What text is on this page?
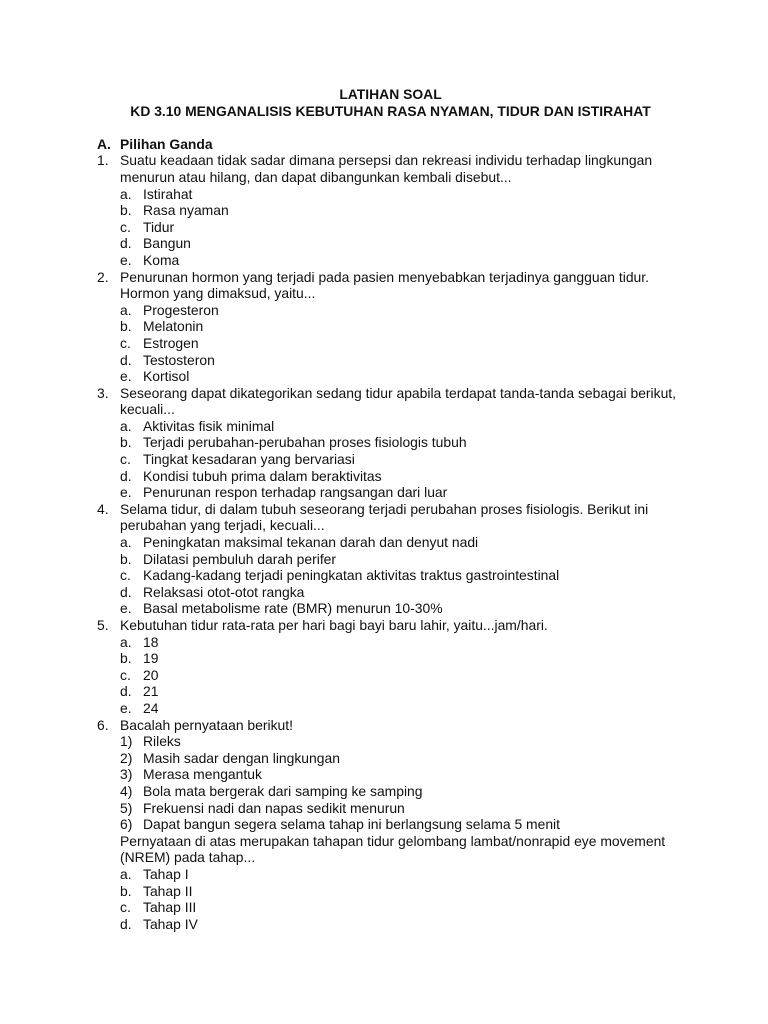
LATIHAN SOAL
KD 3.10 MENGANALISIS KEBUTUHAN RASA NYAMAN, TIDUR DAN ISTIRAHAT
A. Pilihan Ganda
1. Suatu keadaan tidak sadar dimana persepsi dan rekreasi individu terhadap lingkungan menurun atau hilang, dan dapat dibangunkan kembali disebut...
a. Istirahat
b. Rasa nyaman
c. Tidur
d. Bangun
e. Koma
2. Penurunan hormon yang terjadi pada pasien menyebabkan terjadinya gangguan tidur. Hormon yang dimaksud, yaitu...
a. Progesteron
b. Melatonin
c. Estrogen
d. Testosteron
e. Kortisol
3. Seseorang dapat dikategorikan sedang tidur apabila terdapat tanda-tanda sebagai berikut, kecuali...
a. Aktivitas fisik minimal
b. Terjadi perubahan-perubahan proses fisiologis tubuh
c. Tingkat kesadaran yang bervariasi
d. Kondisi tubuh prima dalam beraktivitas
e. Penurunan respon terhadap rangsangan dari luar
4. Selama tidur, di dalam tubuh seseorang terjadi perubahan proses fisiologis. Berikut ini perubahan yang terjadi, kecuali...
a. Peningkatan maksimal tekanan darah dan denyut nadi
b. Dilatasi pembuluh darah perifer
c. Kadang-kadang terjadi peningkatan aktivitas traktus gastrointestinal
d. Relaksasi otot-otot rangka
e. Basal metabolisme rate (BMR) menurun 10-30%
5. Kebutuhan tidur rata-rata per hari bagi bayi baru lahir, yaitu...jam/hari.
a. 18
b. 19
c. 20
d. 21
e. 24
6. Bacalah pernyataan berikut!
1) Rileks
2) Masih sadar dengan lingkungan
3) Merasa mengantuk
4) Bola mata bergerak dari samping ke samping
5) Frekuensi nadi dan napas sedikit menurun
6) Dapat bangun segera selama tahap ini berlangsung selama 5 menit
Pernyataan di atas merupakan tahapan tidur gelombang lambat/nonrapid eye movement (NREM) pada tahap...
a. Tahap I
b. Tahap II
c. Tahap III
d. Tahap IV
